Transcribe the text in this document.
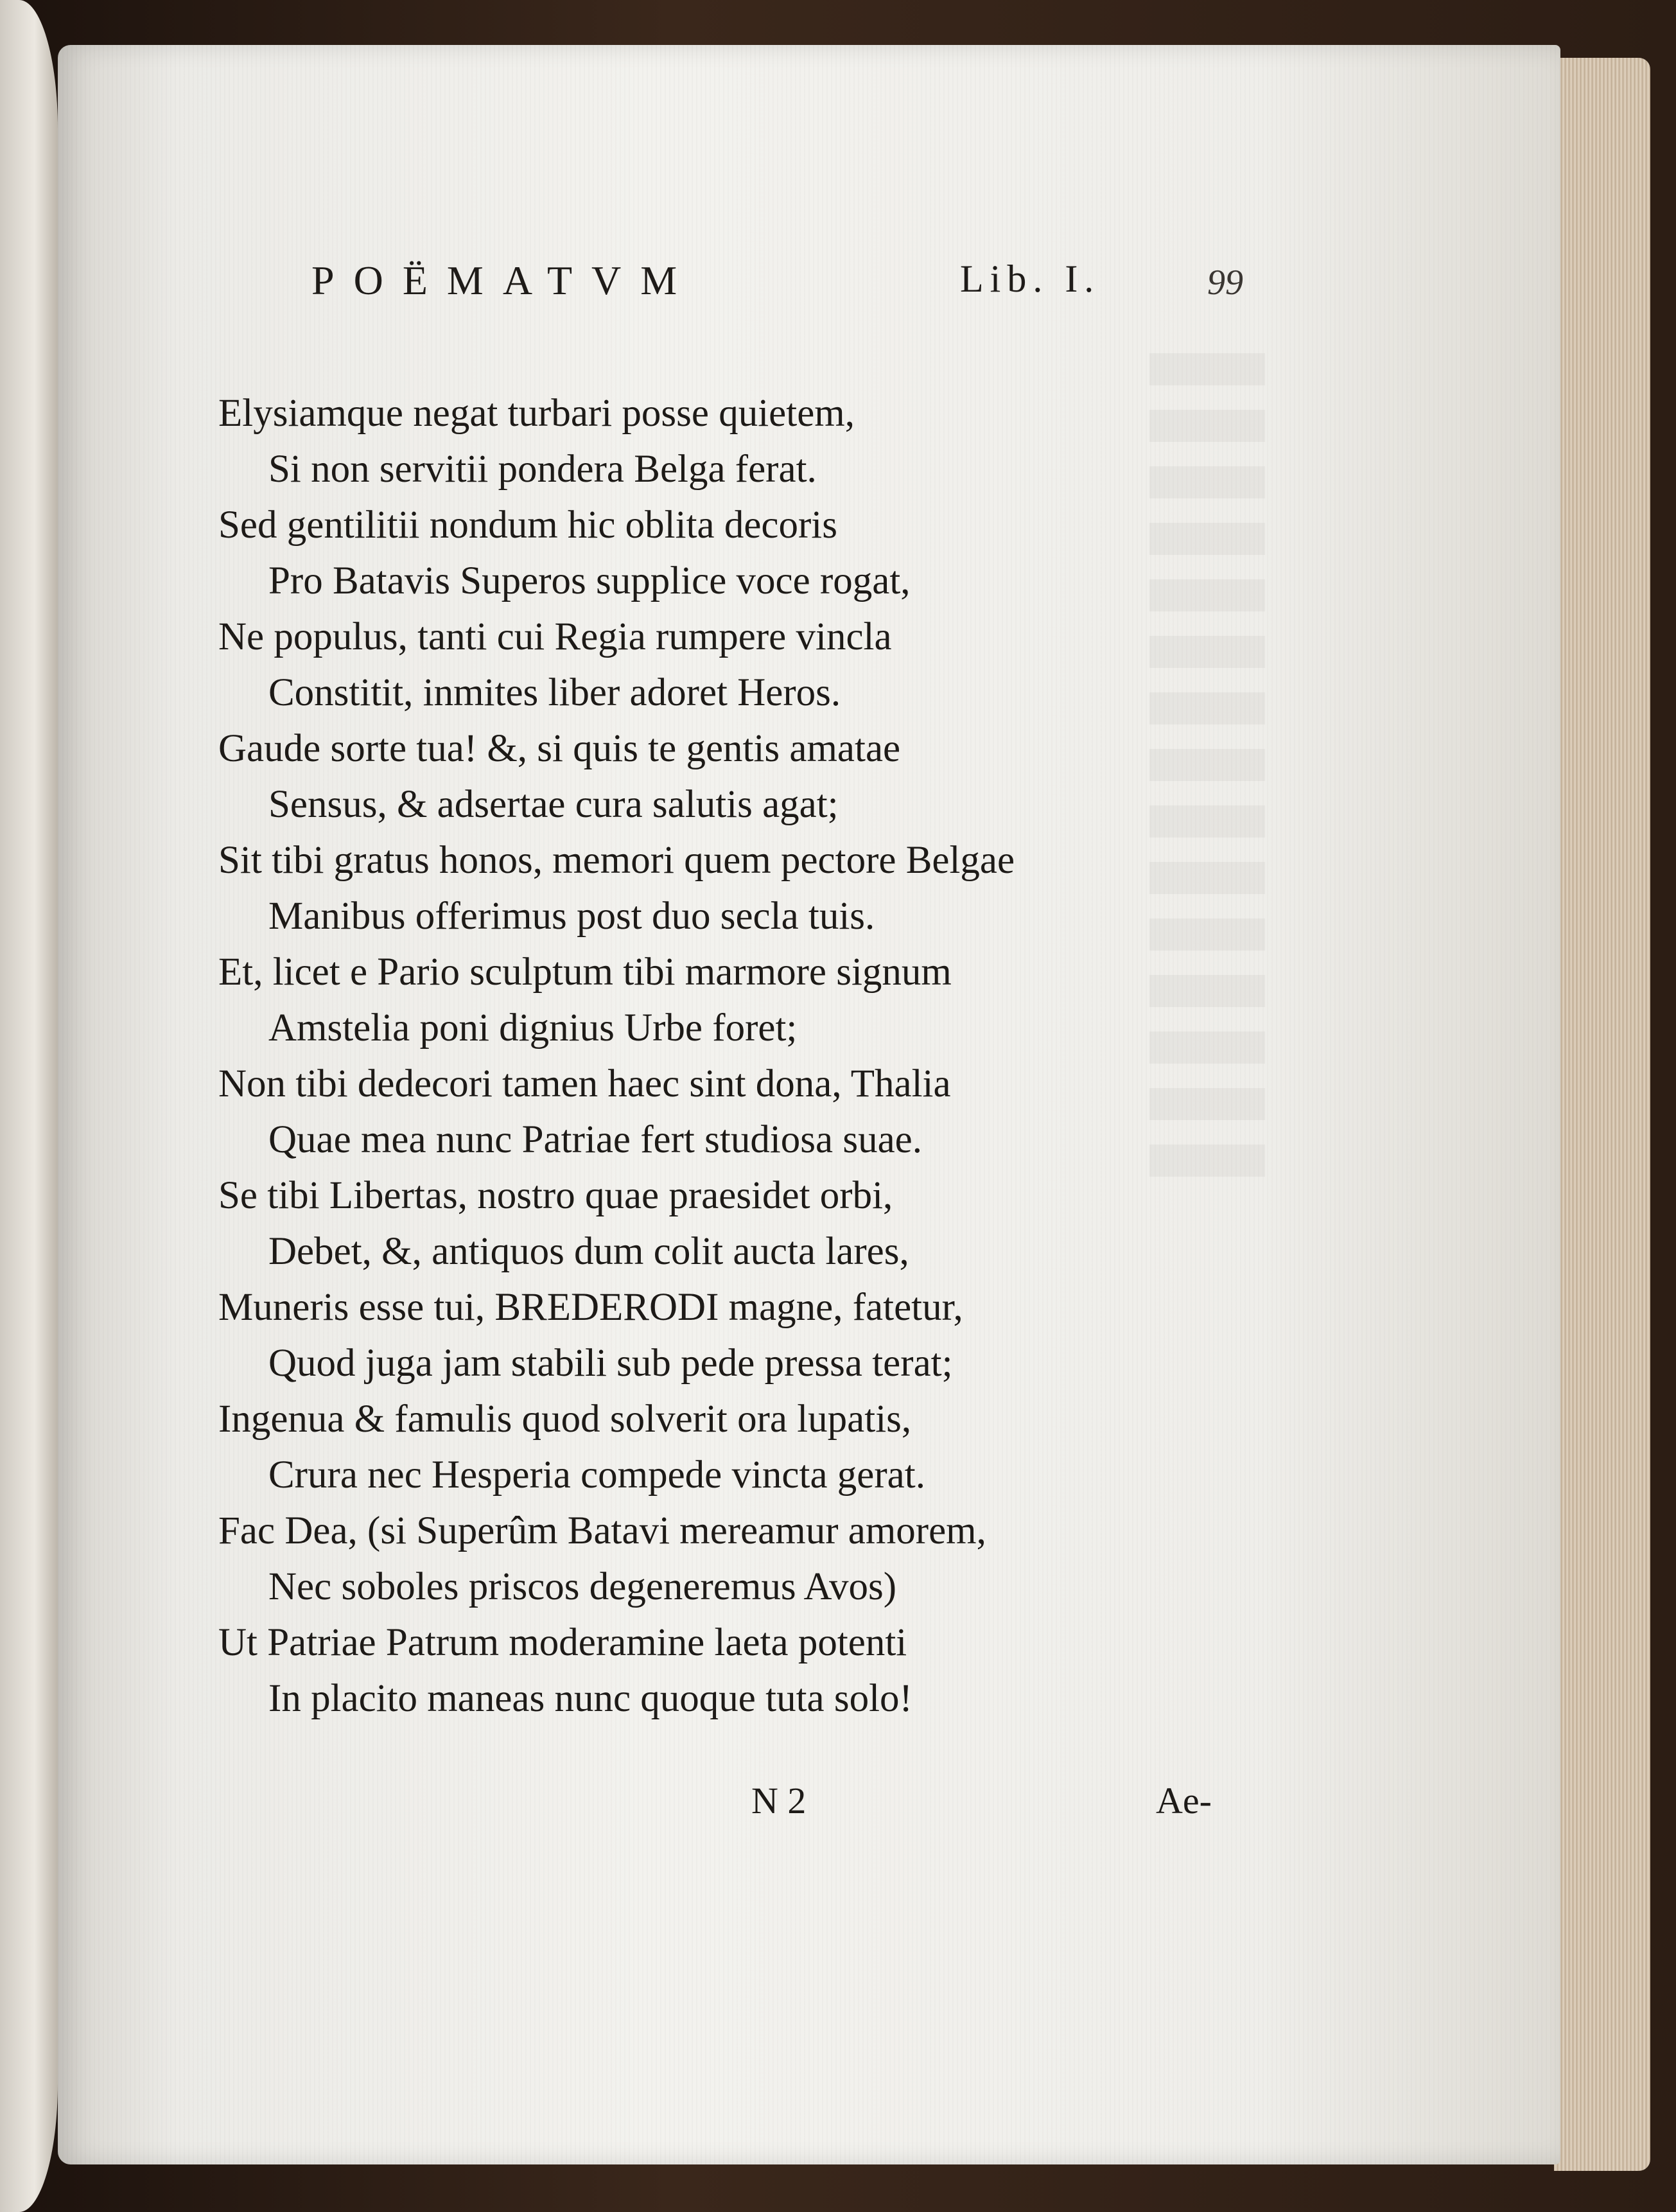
POËMATVM	Lib. I.	99
Elysiamque negat turbari posse quietem,
Si non servitii pondera Belga ferat.
Sed gentilitii nondum hic oblita decoris
Pro Batavis Superos supplice voce rogat,
Ne populus, tanti cui Regia rumpere vincla
Constitit, inmites liber adoret Heros.
Gaude sorte tua! &, si quis te gentis amatae
Sensus, & adsertae cura salutis agat;
Sit tibi gratus honos, memori quem pectore Belgae
Manibus offerimus post duo secla tuis.
Et, licet e Pario sculptum tibi marmore signum
Amstelia poni dignius Urbe foret;
Non tibi dedecori tamen haec sint dona, Thalia
Quae mea nunc Patriae fert studiosa suae.
Se tibi Libertas, nostro quae praesidet orbi,
Debet, &, antiquos dum colit aucta lares,
Muneris esse tui, BREDERODI magne, fatetur,
Quod juga jam stabili sub pede pressa terat;
Ingenua & famulis quod solverit ora lupatis,
Crura nec Hesperia compede vincta gerat.
Fac Dea, (si Superûm Batavi mereamur amorem,
Nec soboles priscos degeneremus Avos)
Ut Patriae Patrum moderamine laeta potenti
In placito maneas nunc quoque tuta solo!
N 2	Ae-
